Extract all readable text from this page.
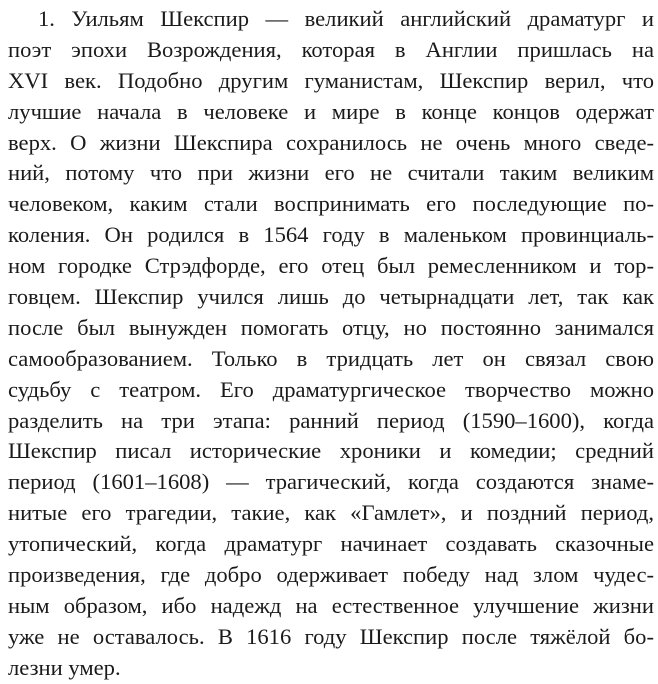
1. Уильям Шекспир — великий английский драматург и
поэт эпохи Возрождения, которая в Англии пришлась на
XVI век. Подобно другим гуманистам, Шекспир верил, что
лучшие начала в человеке и мире в конце концов одержат
верх. О жизни Шекспира сохранилось не очень много сведе-
ний, потому что при жизни его не считали таким великим
человеком, каким стали воспринимать его последующие по-
коления. Он родился в 1564 году в маленьком провинциаль-
ном городке Стрэдфорде, его отец был ремесленником и тор-
говцем. Шекспир учился лишь до четырнадцати лет, так как
после был вынужден помогать отцу, но постоянно занимался
самообразованием. Только в тридцать лет он связал свою
судьбу с театром. Его драматургическое творчество можно
разделить на три этапа: ранний период (1590–1600), когда
Шекспир писал исторические хроники и комедии; средний
период (1601–1608) — трагический, когда создаются знаме-
нитые его трагедии, такие, как «Гамлет», и поздний период,
утопический, когда драматург начинает создавать сказочные
произведения, где добро одерживает победу над злом чудес-
ным образом, ибо надежд на естественное улучшение жизни
уже не оставалось. В 1616 году Шекспир после тяжёлой бо-
лезни умер.
